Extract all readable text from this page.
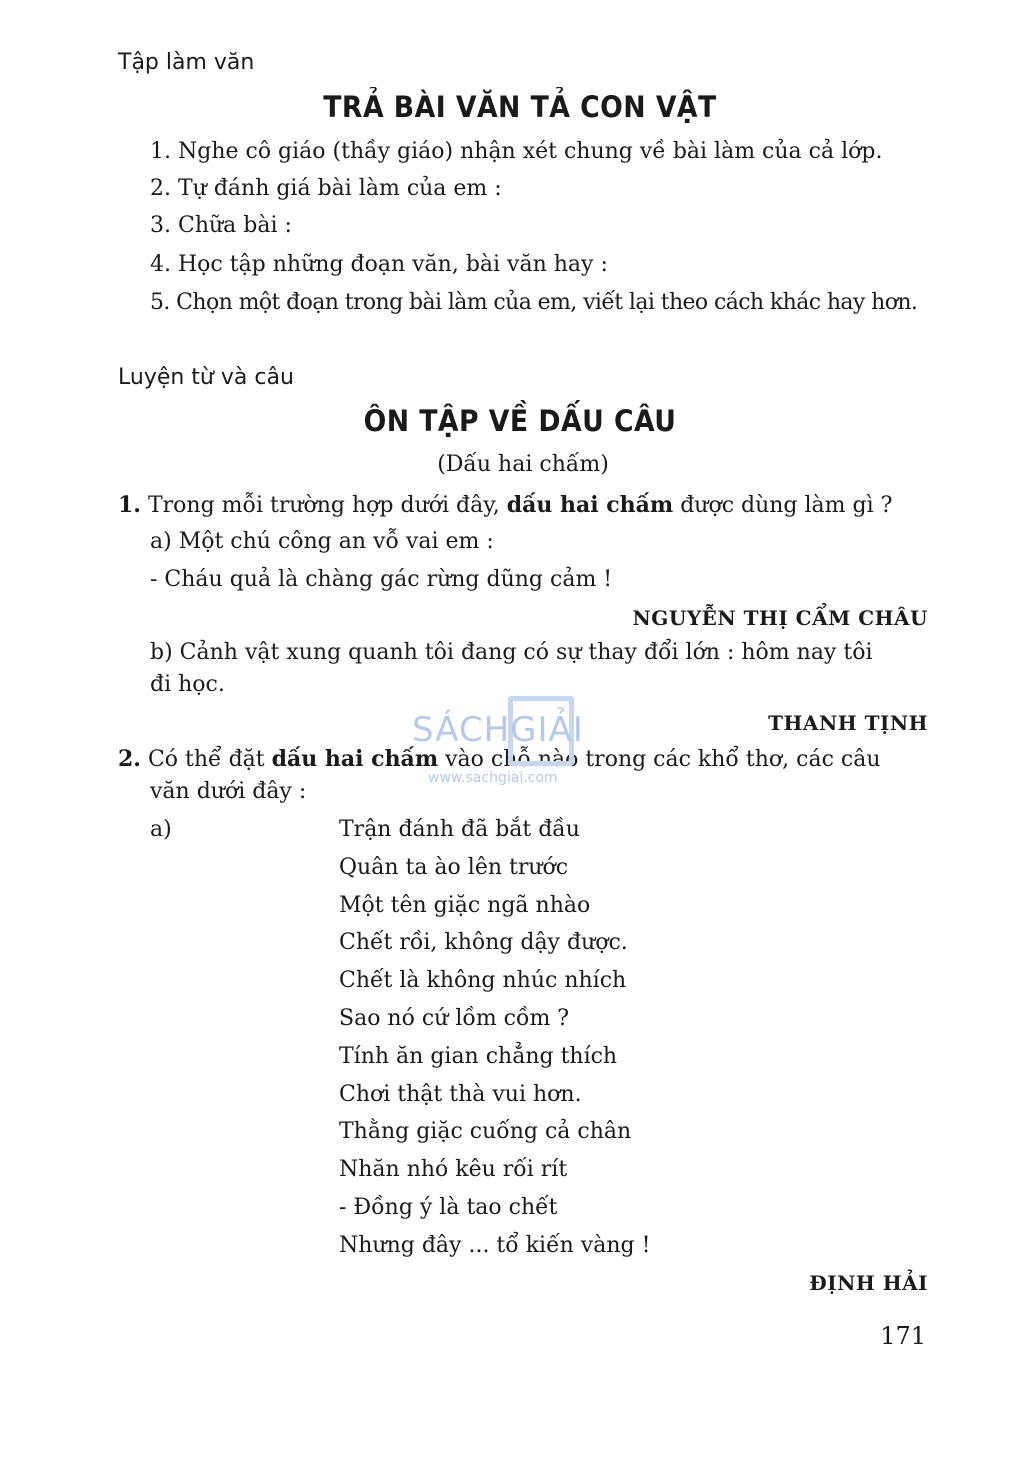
Tập làm văn
TRẢ BÀI VĂN TẢ CON VẬT
1. Nghe cô giáo (thầy giáo) nhận xét chung về bài làm của cả lớp.
2. Tự đánh giá bài làm của em :
3. Chữa bài :
4. Học tập những đoạn văn, bài văn hay :
5. Chọn một đoạn trong bài làm của em, viết lại theo cách khác hay hơn.
Luyện từ và câu
ÔN TẬP VỀ DẤU CÂU
(Dấu hai chấm)
1. Trong mỗi trường hợp dưới đây, dấu hai chấm được dùng làm gì ?
a) Một chú công an vỗ vai em :
- Cháu quả là chàng gác rừng dũng cảm !
NGUYỄN THỊ CẨM CHÂU
b) Cảnh vật xung quanh tôi đang có sự thay đổi lớn : hôm nay tôi
đi học.
THANH TỊNH
2. Có thể đặt dấu hai chấm vào chỗ nào trong các khổ thơ, các câu
văn dưới đây :
a)	Trận đánh đã bắt đầu
Quân ta ào lên trước
Một tên giặc ngã nhào
Chết rồi, không dậy được.
Chết là không nhúc nhích
Sao nó cứ lồm cồm ?
Tính ăn gian chẳng thích
Chơi thật thà vui hơn.
Thằng giặc cuống cả chân
Nhăn nhó kêu rối rít
- Đồng ý là tao chết
Nhưng đây ... tổ kiến vàng !
ĐỊNH HẢI
SÁCHGIẢI
www.sachgiai.com
171
